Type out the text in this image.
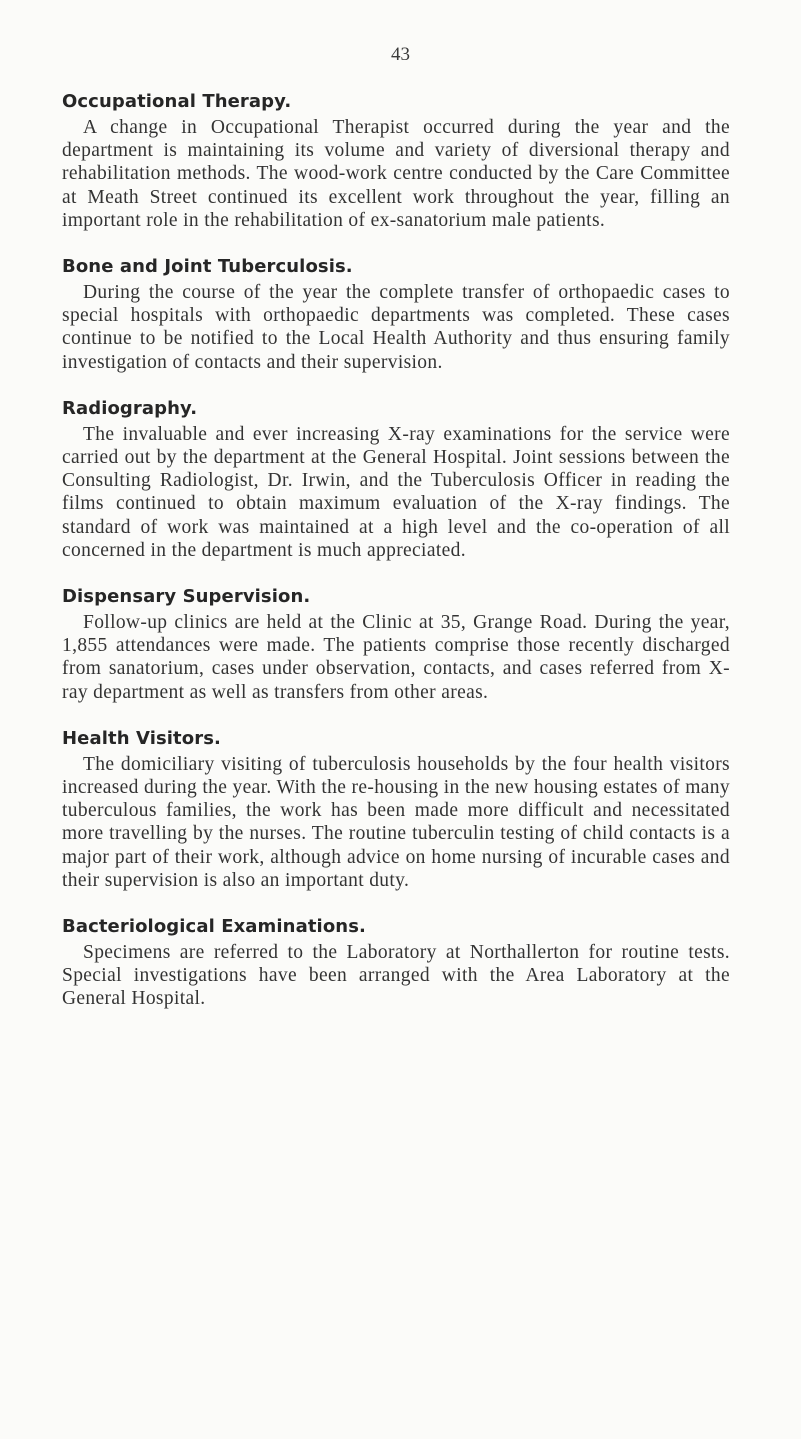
43
Occupational Therapy.

A change in Occupational Therapist occurred during the year and the department is maintaining its volume and variety of diversional therapy and rehabilitation methods. The wood-work centre conducted by the Care Committee at Meath Street continued its excellent work throughout the year, filling an important role in the rehabilitation of ex-sanatorium male patients.

Bone and Joint Tuberculosis.

During the course of the year the complete transfer of orthopaedic cases to special hospitals with orthopaedic departments was completed. These cases continue to be notified to the Local Health Authority and thus ensuring family investigation of contacts and their supervision.

Radiography.

The invaluable and ever increasing X-ray examinations for the service were carried out by the department at the General Hospital. Joint sessions between the Consulting Radiologist, Dr. Irwin, and the Tuberculosis Officer in reading the films continued to obtain maximum evaluation of the X-ray findings. The standard of work was maintained at a high level and the co-operation of all concerned in the department is much appreciated.

Dispensary Supervision.

Follow-up clinics are held at the Clinic at 35, Grange Road. During the year, 1,855 attendances were made. The patients comprise those recently discharged from sanatorium, cases under observation, contacts, and cases referred from X-ray department as well as transfers from other areas.

Health Visitors.

The domiciliary visiting of tuberculosis households by the four health visitors increased during the year. With the re-housing in the new housing estates of many tuberculous families, the work has been made more difficult and necessitated more travelling by the nurses. The routine tuberculin testing of child contacts is a major part of their work, although advice on home nursing of incurable cases and their supervision is also an important duty.

Bacteriological Examinations.

Specimens are referred to the Laboratory at Northallerton for routine tests. Special investigations have been arranged with the Area Laboratory at the General Hospital.
